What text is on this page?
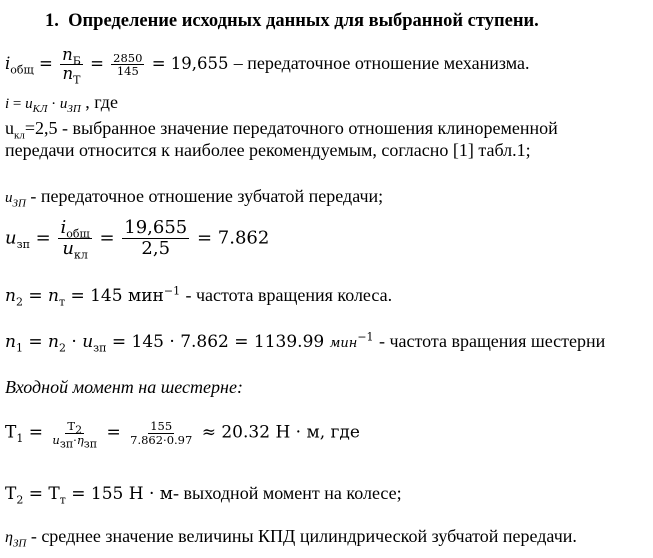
1. Определение исходных данных для выбранной ступени.
$i_{общ} = \frac{n_Б}{n_Т} = \frac{2850}{145} = 19,655$ – передаточное отношение механизма.
$i = u_{КЛ} \cdot u_{ЗП}$ , где
$u_{кл}=2,5$ - выбранное значение передаточного отношения клиноременной
передачи относится к наиболее рекомендуемым, согласно [1] табл.1;
$u_{ЗП}$ - передаточное отношение зубчатой передачи;
$u_{зп} = \frac{i_{общ}}{u_{кл}} = \frac{19,655}{2,5} = 7.862$
$n_2 = n_т = 145$ мин$^{-1}$ - частота вращения колеса.
$n_1 = n_2 \cdot u_{зп} = 145 \cdot 7.862 = 1139.99$ мин$^{-1}$ - частота вращения шестерни
Входной момент на шестерне:
$T_1 = \frac{T_2}{u_{зп}\cdot\eta_{зп}} = \frac{155}{7.862\cdot 0.97} \approx 20.32$ Н · м, где
$T_2 = T_т = 155$ Н · м- выходной момент на колесе;
$\eta_{ЗП}$ - среднее значение величины КПД цилиндрической зубчатой передачи.
